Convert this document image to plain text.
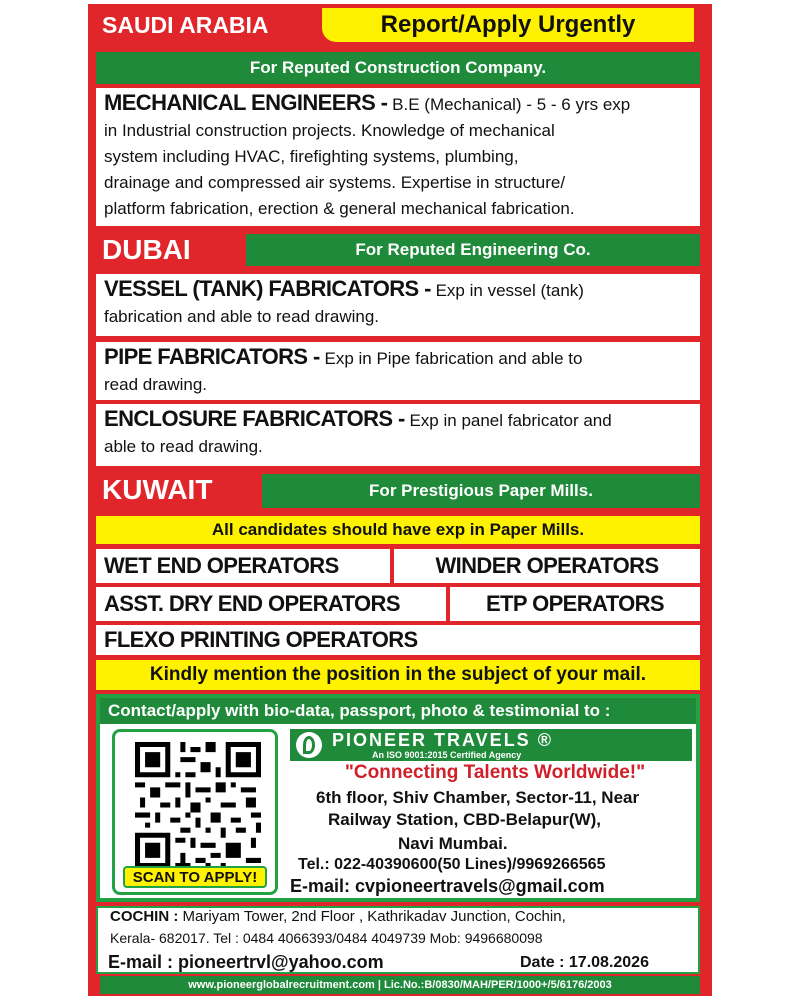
SAUDI ARABIA	Report/Apply Urgently
For Reputed Construction Company.
MECHANICAL ENGINEERS - B.E (Mechanical) - 5 - 6 yrs exp
in Industrial construction projects. Knowledge of mechanical
system including HVAC, firefighting systems, plumbing,
drainage and compressed air systems. Expertise in structure/
platform fabrication, erection & general mechanical fabrication.
DUBAI	For Reputed Engineering Co.
VESSEL (TANK) FABRICATORS - Exp in vessel (tank)
fabrication and able to read drawing.
PIPE FABRICATORS - Exp in Pipe fabrication and able to
read drawing.
ENCLOSURE FABRICATORS - Exp in panel fabricator and
able to read drawing.
KUWAIT	For Prestigious Paper Mills.
All candidates should have exp in Paper Mills.
WET END OPERATORS	WINDER OPERATORS
ASST. DRY END OPERATORS	ETP OPERATORS
FLEXO PRINTING OPERATORS
Kindly mention the position in the subject of your mail.
Contact/apply with bio-data, passport, photo & testimonial to :
SCAN TO APPLY!
PIONEER TRAVELS ®
An ISO 9001:2015 Certified Agency
"Connecting Talents Worldwide!"
6th floor, Shiv Chamber, Sector-11, Near
Railway Station, CBD-Belapur(W),
Navi Mumbai.
Tel.: 022-40390600(50 Lines)/9969266565
E-mail: cvpioneertravels@gmail.com
COCHIN : Mariyam Tower, 2nd Floor , Kathrikadav Junction, Cochin,
Kerala- 682017. Tel : 0484 4066393/0484 4049739 Mob: 9496680098
E-mail : pioneertrvl@yahoo.com	Date : 17.08.2026
www.pioneerglobalrecruitment.com | Lic.No.:B/0830/MAH/PER/1000+/5/6176/2003
